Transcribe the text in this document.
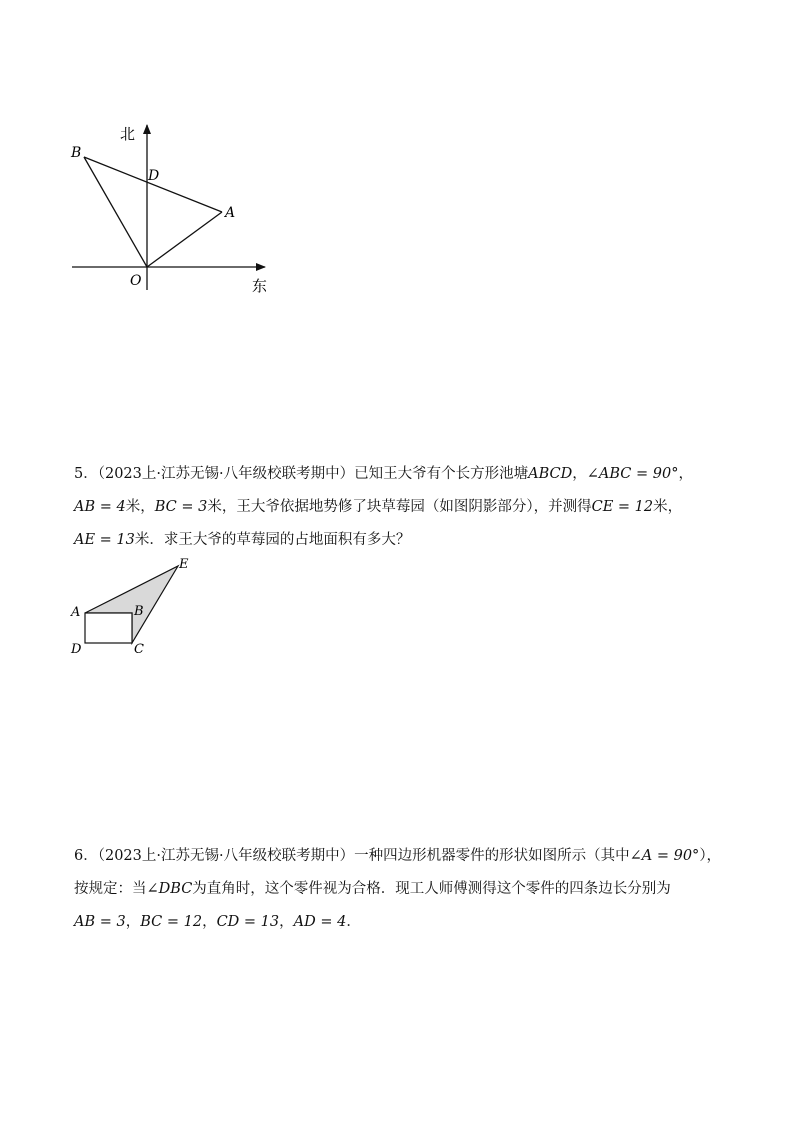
北
B
D
A
O	东
5．（2023上·江苏无锡·八年级校联考期中）已知王大爷有个长方形池塘ABCD，∠ABC = 90°，AB = 4米，BC = 3米，王大爷依据地势修了块草莓园（如图阴影部分），并测得CE = 12米，AE = 13米．求王大爷的草莓园的占地面积有多大？
E
A	B
D	C
6．（2023上·江苏无锡·八年级校联考期中）一种四边形机器零件的形状如图所示（其中∠A = 90°），按规定：当∠DBC为直角时，这个零件视为合格．现工人师傅测得这个零件的四条边长分别为AB = 3，BC = 12，CD = 13，AD = 4．
